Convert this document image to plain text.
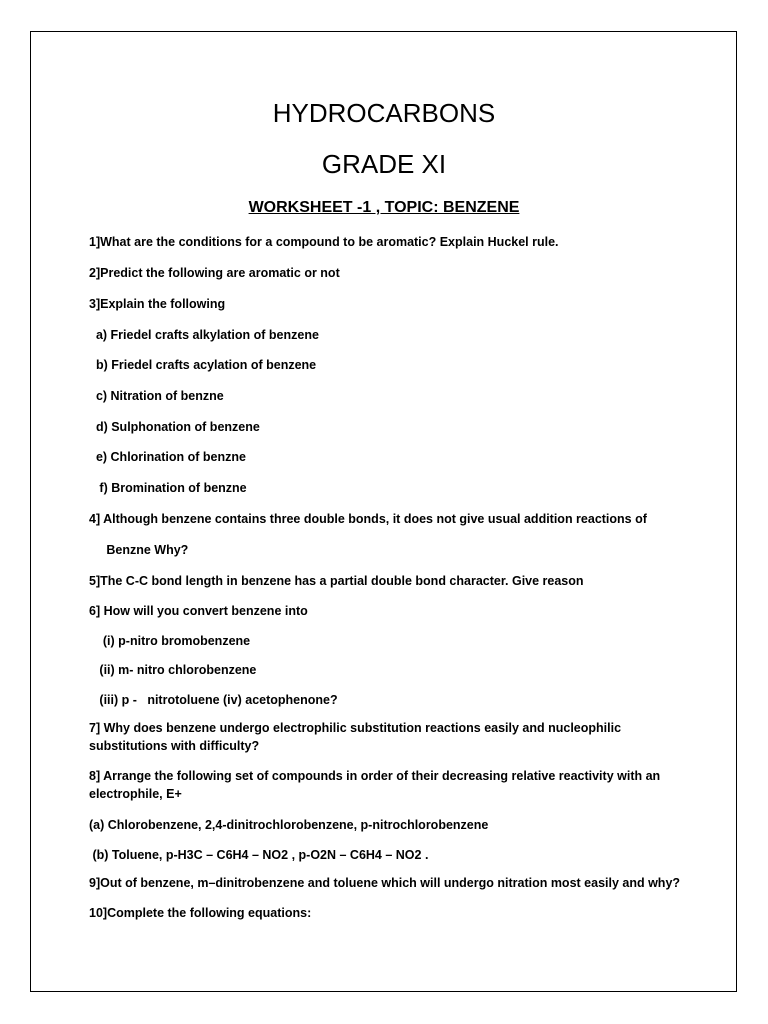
HYDROCARBONS
GRADE XI
WORKSHEET -1 , TOPIC: BENZENE
1]What are the conditions for a compound to be aromatic? Explain Huckel rule.
2]Predict the following are aromatic or not
3]Explain the following
a) Friedel crafts alkylation of benzene
b) Friedel crafts acylation of benzene
c) Nitration of benzne
d) Sulphonation of benzene
e) Chlorination of benzne
f) Bromination of benzne
4] Although benzene contains three double bonds, it does not give usual addition reactions of
Benzne Why?
5]The C-C bond length in benzene has a partial double bond character. Give reason
6] How will you convert benzene into
(i) p-nitro bromobenzene
(ii) m- nitro chlorobenzene
(iii) p -   nitrotoluene (iv) acetophenone?
7] Why does benzene undergo electrophilic substitution reactions easily and nucleophilic substitutions with difficulty?
8] Arrange the following set of compounds in order of their decreasing relative reactivity with an electrophile, E+
(a) Chlorobenzene, 2,4-dinitrochlorobenzene, p-nitrochlorobenzene
(b) Toluene, p-H3C – C6H4 – NO2 , p-O2N – C6H4 – NO2 .
9]Out of benzene, m–dinitrobenzene and toluene which will undergo nitration most easily and why?
10]Complete the following equations:
